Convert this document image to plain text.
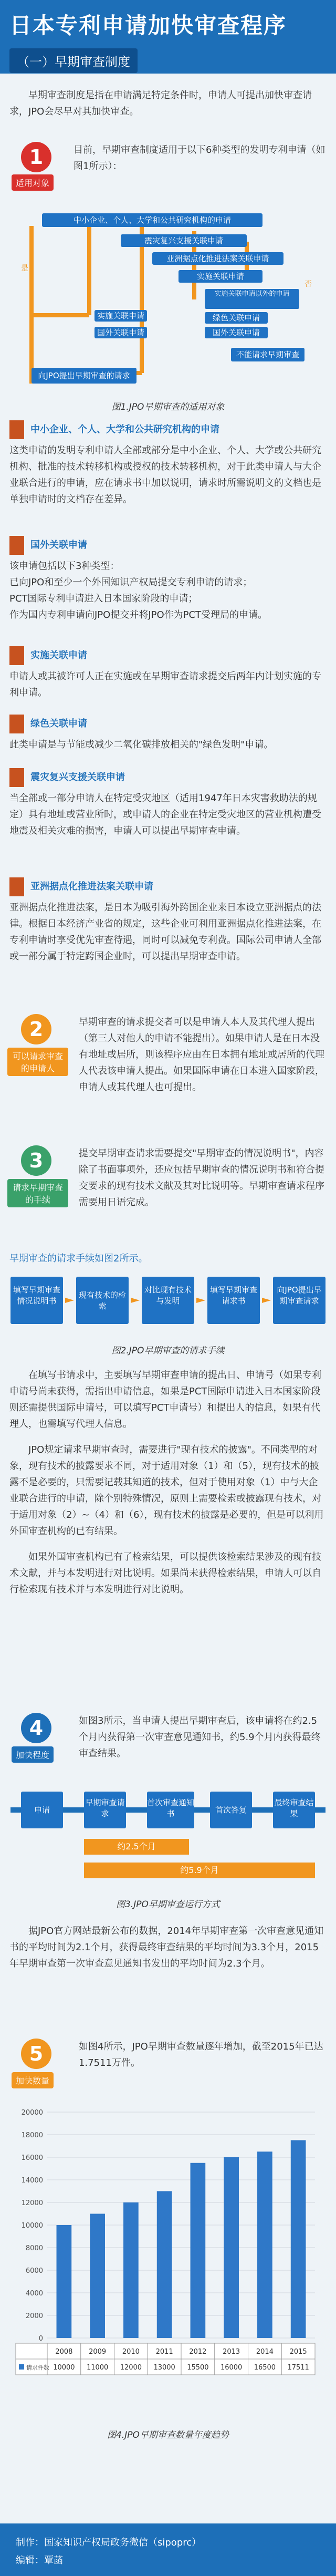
日本专利申请加快审查程序
（一）早期审查制度

早期审查制度是指在申请满足特定条件时，申请人可提出加快审查请求，JPO会尽早对其加快审查。

1
适用对象

目前，早期审查制度适用于以下6种类型的发明专利申请（如图1所示）：

中小企业、个人、大学和公共研究机构的申请
震灾复兴支援关联申请
亚洲据点化推进法案关联申请
实施关联申请
实施关联申请以外的申请
绿色关联申请
国外关联申请
实施关联申请
国外关联申请
不能请求早期审查
向JPO提出早期审查的请求
是
否
图1.JPO早期审查的适用对象
中小企业、个人、大学和公共研究机构的申请

这类申请的发明专利申请人全部或部分是中小企业、个人、大学或公共研究机构、批准的技术转移机构或授权的技术转移机构，对于此类申请人与大企业联合进行的申请，应在请求书中加以说明，请求时所需说明文的文档也是单独申请时的文档存在差异。

国外关联申请

该申请包括以下3种类型：
已向JPO和至少一个外国知识产权局提交专利申请的请求；
PCT国际专利申请进入日本国家阶段的申请；
作为国内专利申请向JPO提交并将JPO作为PCT受理局的申请。

实施关联申请

申请人或其被许可人正在实施或在早期审查请求提交后两年内计划实施的专利申请。

绿色关联申请

此类申请是与节能或减少二氧化碳排放相关的"绿色发明"申请。

震灾复兴支援关联申请

当全部或一部分申请人在特定受灾地区（适用1947年日本灾害救助法的规定）具有地址或营业所时，或申请人的企业在特定受灾地区的营业机构遭受地震及相关灾难的损害，申请人可以提出早期审查申请。

亚洲据点化推进法案关联申请

亚洲据点化推进法案，是日本为吸引海外跨国企业来日本设立亚洲据点的法律。根据日本经济产业省的规定，这些企业可利用亚洲据点化推进法案，在专利申请时享受优先审查待遇，同时可以减免专利费。国际公司申请人全部或一部分属于特定跨国企业时，可以提出早期审查申请。

2
可以请求审查的申请人

早期审查的请求提交者可以是申请人本人及其代理人提出（第三人对他人的申请不能提出）。如果申请人是在日本没有地址或居所，则该程序应由在日本拥有地址或居所的代理人代表该申请人提出。如果国际申请在日本进入国家阶段，申请人或其代理人也可提出。

3
请求早期审查的手续

提交早期审查请求需要提交"早期审查的情况说明书"，内容除了书面事项外，还应包括早期审查的情况说明书和符合提交要求的现有技术文献及其对比说明等。早期审查请求程序需要用日语完成。

早期审查的请求手续如图2所示。

填写早期审查情况说明书
现有技术的检索
对比现有技术与发明
填写早期审查请求书
向JPO提出早期审查请求
图2.JPO早期审查的请求手续

在填写书请求中，主要填写早期审查申请的提出日、申请号（如果专利申请号尚未获得，需指出申请信息，如果是PCT国际申请进入日本国家阶段则还需提供国际申请号，可以填写PCT申请号）和提出人的信息，如果有代理人，也需填写代理人信息。

JPO规定请求早期审查时，需要进行"现有技术的披露"。不同类型的对象，现有技术的披露要求不同，对于适用对象（1）和（5），现有技术的披露不是必要的，只需要记载其知道的技术，但对于使用对象（1）中与大企业联合进行的申请，除个别特殊情况，原则上需要检索或披露现有技术，对于适用对象（2）~（4）和（6），现有技术的披露是必要的，但是可以利用外国审查机构的已有结果。

如果外国审查机构已有了检索结果，可以提供该检索结果涉及的现有技术文献，并与本发明进行对比说明。如果尚未获得检索结果，申请人可以自行检索现有技术并与本发明进行对比说明。

4
加快程度

如图3所示，当申请人提出早期审查后，该申请将在约2.5个月内获得第一次审查意见通知书，约5.9个月内获得最终审查结果。

申请
早期审查请求
首次审查通知书	首次答复
最终审查结果
约2.5个月
约5.9个月
图3.JPO早期审查运行方式

据JPO官方网站最新公布的数据，2014年早期审查第一次审查意见通知书的平均时间为2.1个月，获得最终审查结果的平均时间为3.3个月，2015年早期审查第一次审查意见通知书发出的平均时间为2.3个月。

5
加快数量

如图4所示，JPO早期审查数量逐年增加，截至2015年已达1.7511万件。

0
2000
4000
6000
8000
10000
12000
14000
16000
18000
20000
请求件数
2008
10000
2009
11000
2010
12000
2011
13000
2012
15500
2013
16000
2014
16500
2015
17511
图4.JPO早期审查数量年度趋势
制作：国家知识产权局政务微信（sipoprc）
编辑：覃菡
